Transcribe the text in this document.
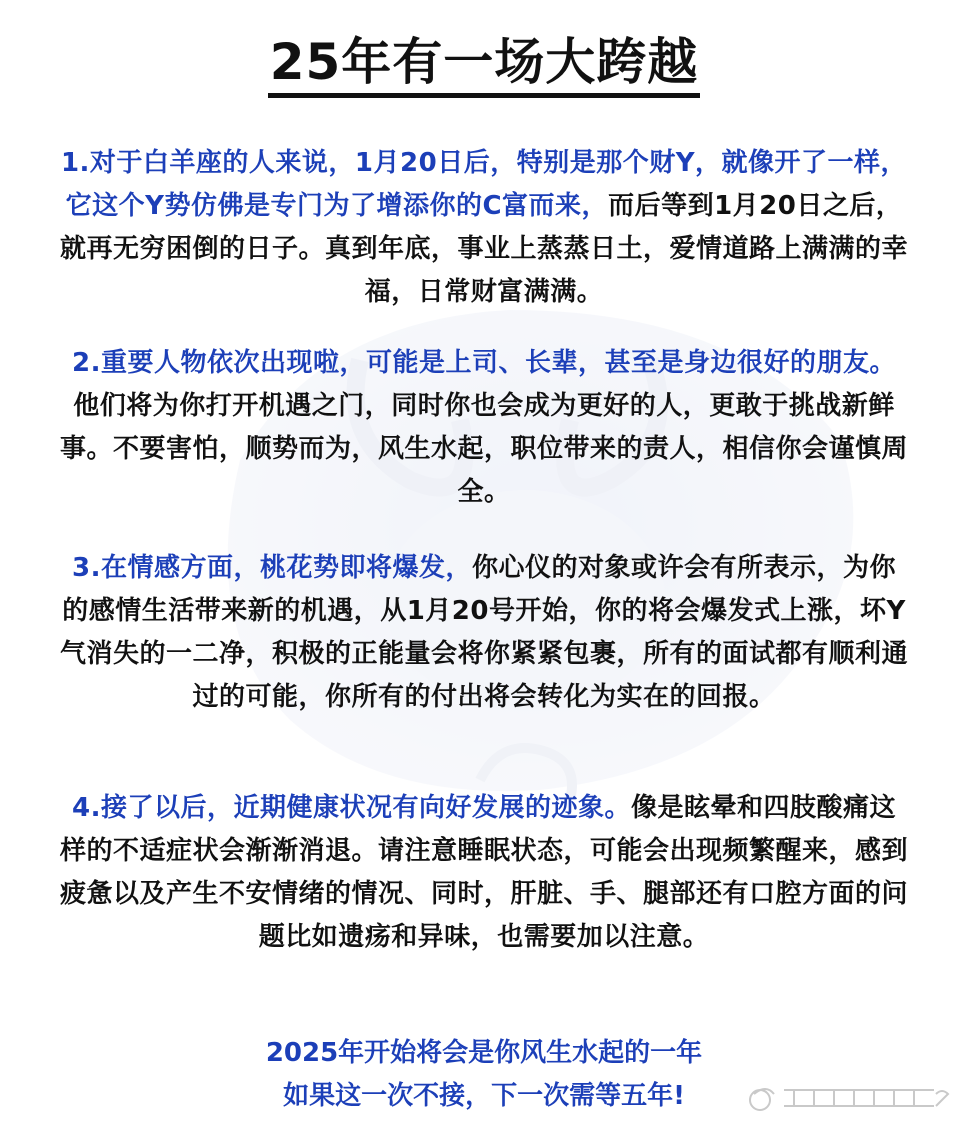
25年有一场大跨越
1.对于白羊座的人来说，1月20日后，特别是那个财Y，就像开了一样，它这个Y势仿佛是专门为了增添你的C富而来，而后等到1月20日之后，就再无穷困倒的日子。真到年底，事业上蒸蒸日土，爱情道路上满满的幸福，日常财富满满。
2.重要人物依次出现啦，可能是上司、长辈，甚至是身边很好的朋友。他们将为你打开机遇之门，同时你也会成为更好的人，更敢于挑战新鲜事。不要害怕，顺势而为，风生水起，职位带来的责人，相信你会谨慎周全。
3.在情感方面，桃花势即将爆发，你心仪的对象或许会有所表示，为你的感情生活带来新的机遇，从1月20号开始，你的将会爆发式上涨，坏Y气消失的一二净，积极的正能量会将你紧紧包裹，所有的面试都有顺利通过的可能，你所有的付出将会转化为实在的回报。
4.接了以后，近期健康状况有向好发展的迹象。像是眩晕和四肢酸痛这样的不适症状会渐渐消退。请注意睡眠状态，可能会出现频繁醒来，感到疲惫以及产生不安情绪的情况、同时，肝脏、手、腿部还有口腔方面的问题比如遗疡和异味，也需要加以注意。
2025年开始将会是你风生水起的一年
如果这一次不接，下一次需等五年!
